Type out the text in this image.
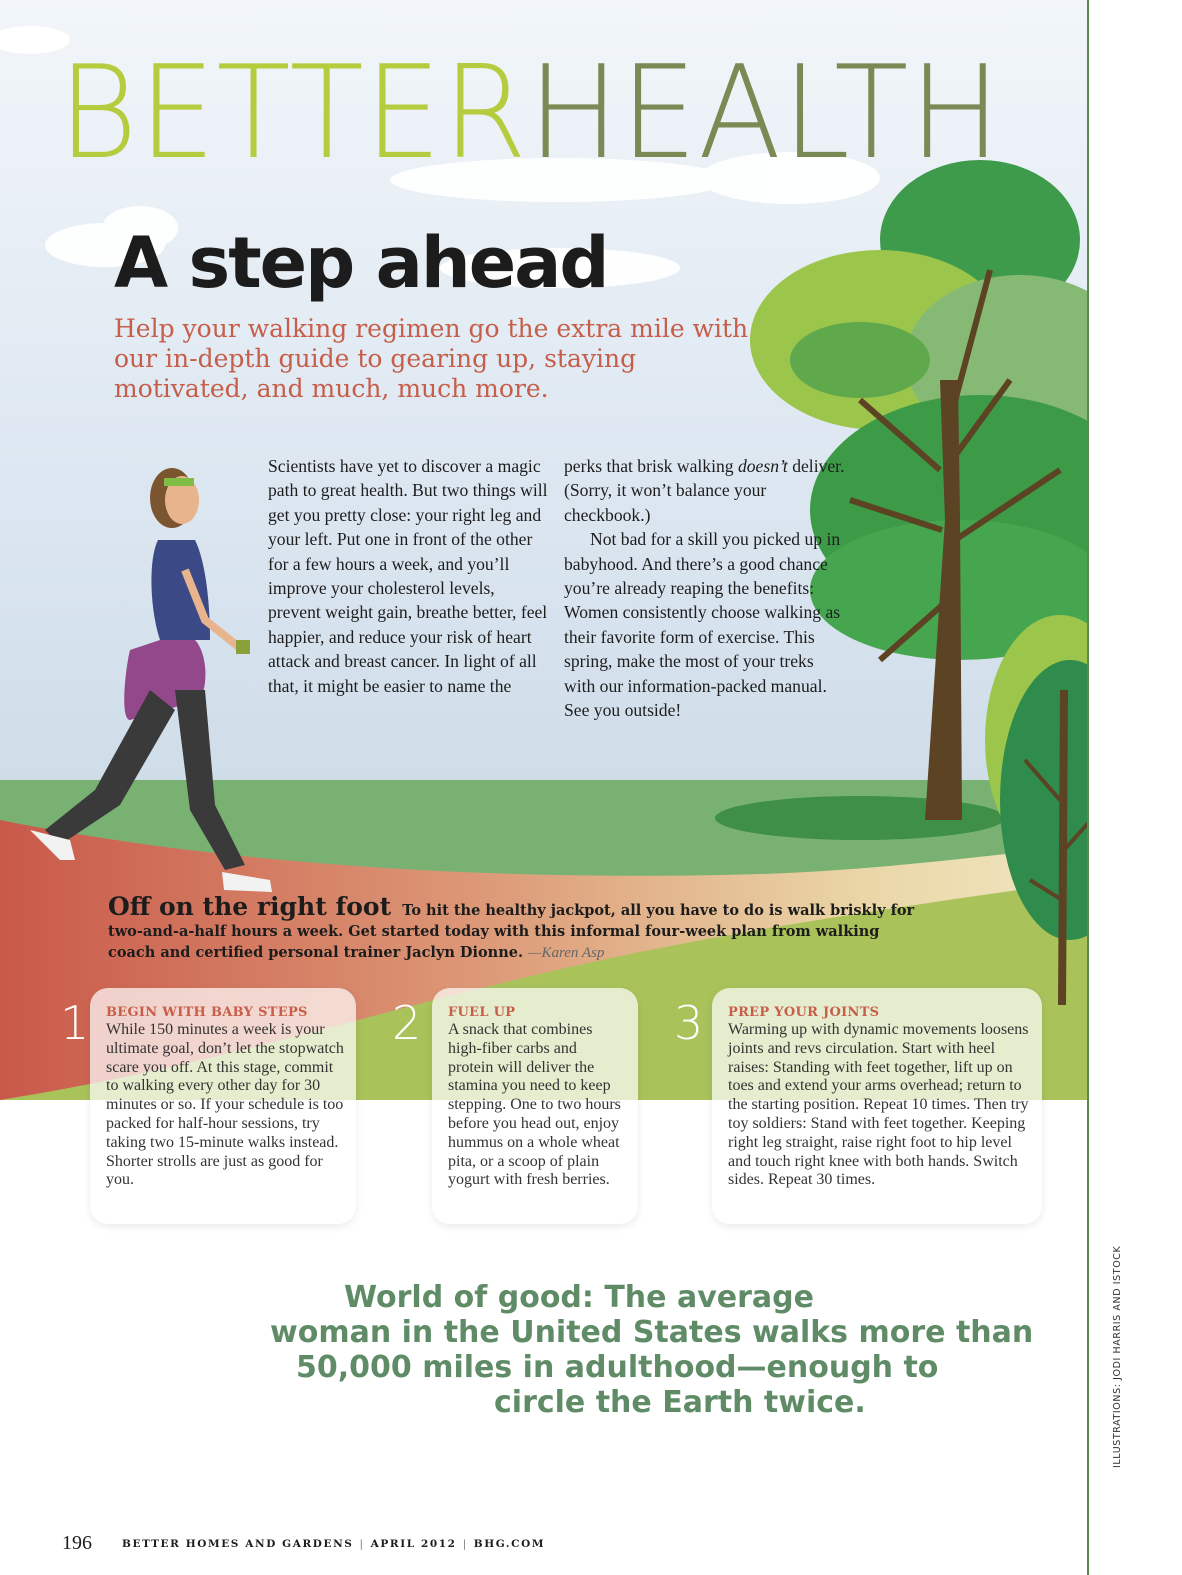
BETTERHEALTH
A step ahead
Help your walking regimen go the extra mile with our in-depth guide to gearing up, staying motivated, and much, much more.

Scientists have yet to discover a magic path to great health. But two things will get you pretty close: your right leg and your left. Put one in front of the other for a few hours a week, and you’ll improve your cholesterol levels, prevent weight gain, breathe better, feel happier, and reduce your risk of heart attack and breast cancer. In light of all that, it might be easier to name the

perks that brisk walking doesn’t deliver. (Sorry, it won’t balance your checkbook.)

Not bad for a skill you picked up in babyhood. And there’s a good chance you’re already reaping the benefits: Women consistently choose walking as their favorite form of exercise. This spring, make the most of your treks with our information-packed manual. See you outside!

Off on the right foot To hit the healthy jackpot, all you have to do is walk briskly for two-and-a-half hours a week. Get started today with this informal four-week plan from walking coach and certified personal trainer Jaclyn Dionne. —Karen Asp
1 BEGIN WITH BABY STEPS

While 150 minutes a week is your ultimate goal, don’t let the stopwatch scare you off. At this stage, commit to walking every other day for 30 minutes or so. If your schedule is too packed for half-hour sessions, try taking two 15-minute walks instead. Shorter strolls are just as good for you.

2 FUEL UP

A snack that combines high-fiber carbs and protein will deliver the stamina you need to keep stepping. One to two hours before you head out, enjoy hummus on a whole wheat pita, or a scoop of plain yogurt with fresh berries.

3 PREP YOUR JOINTS

Warming up with dynamic movements loosens joints and revs circulation. Start with heel raises: Standing with feet together, lift up on toes and extend your arms overhead; return to the starting position. Repeat 10 times. Then try toy soldiers: Stand with feet together. Keeping right leg straight, raise right foot to hip level and touch right knee with both hands. Switch sides. Repeat 30 times.

World of good: The average
woman in the United States walks more than
50,000 miles in adulthood—enough to
circle the Earth twice.
196	BETTER HOMES AND GARDENS | APRIL 2012 | BHG.COM
ILLUSTRATIONS: JODI HARRIS AND ISTOCK
